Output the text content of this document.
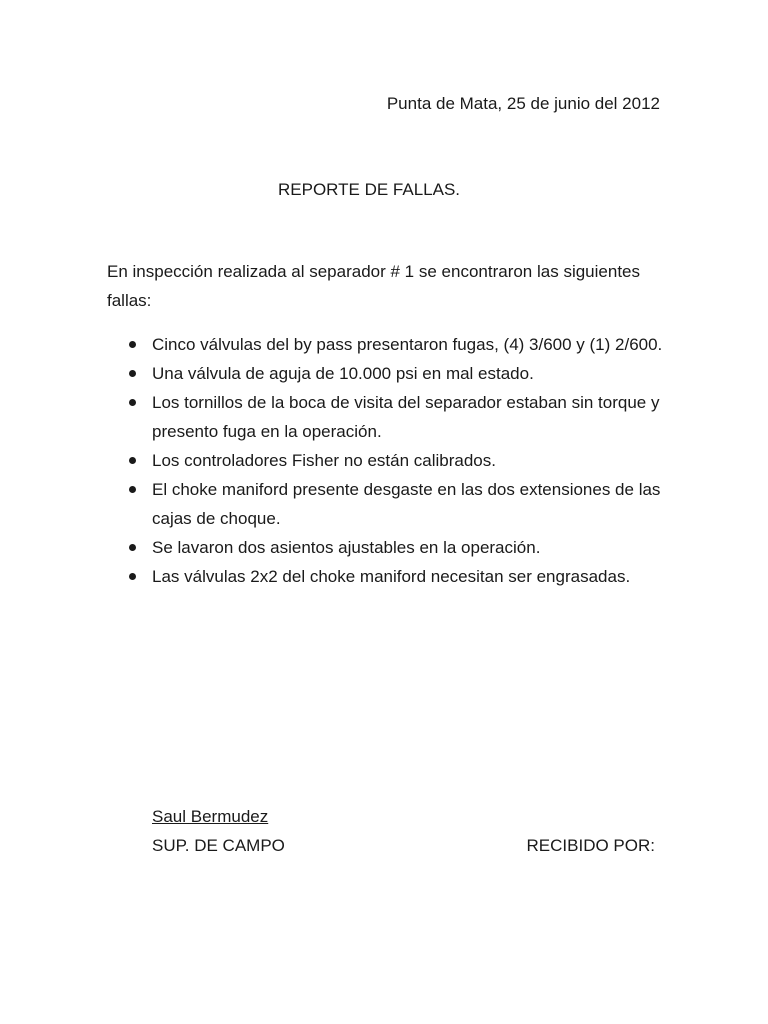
Punta de Mata, 25 de junio del 2012
REPORTE DE FALLAS.
En inspección realizada al separador # 1 se encontraron las siguientes fallas:
Cinco válvulas del by pass presentaron fugas, (4) 3/600 y (1) 2/600.
Una válvula de aguja de 10.000 psi en mal estado.
Los tornillos de la boca de visita del separador estaban sin torque y presento fuga en la operación.
Los controladores Fisher no están calibrados.
El choke maniford presente desgaste en las dos extensiones de las cajas de choque.
Se lavaron dos asientos ajustables en la operación.
Las válvulas 2x2 del choke maniford necesitan ser engrasadas.
Saul Bermudez
SUP. DE CAMPO	RECIBIDO POR:
